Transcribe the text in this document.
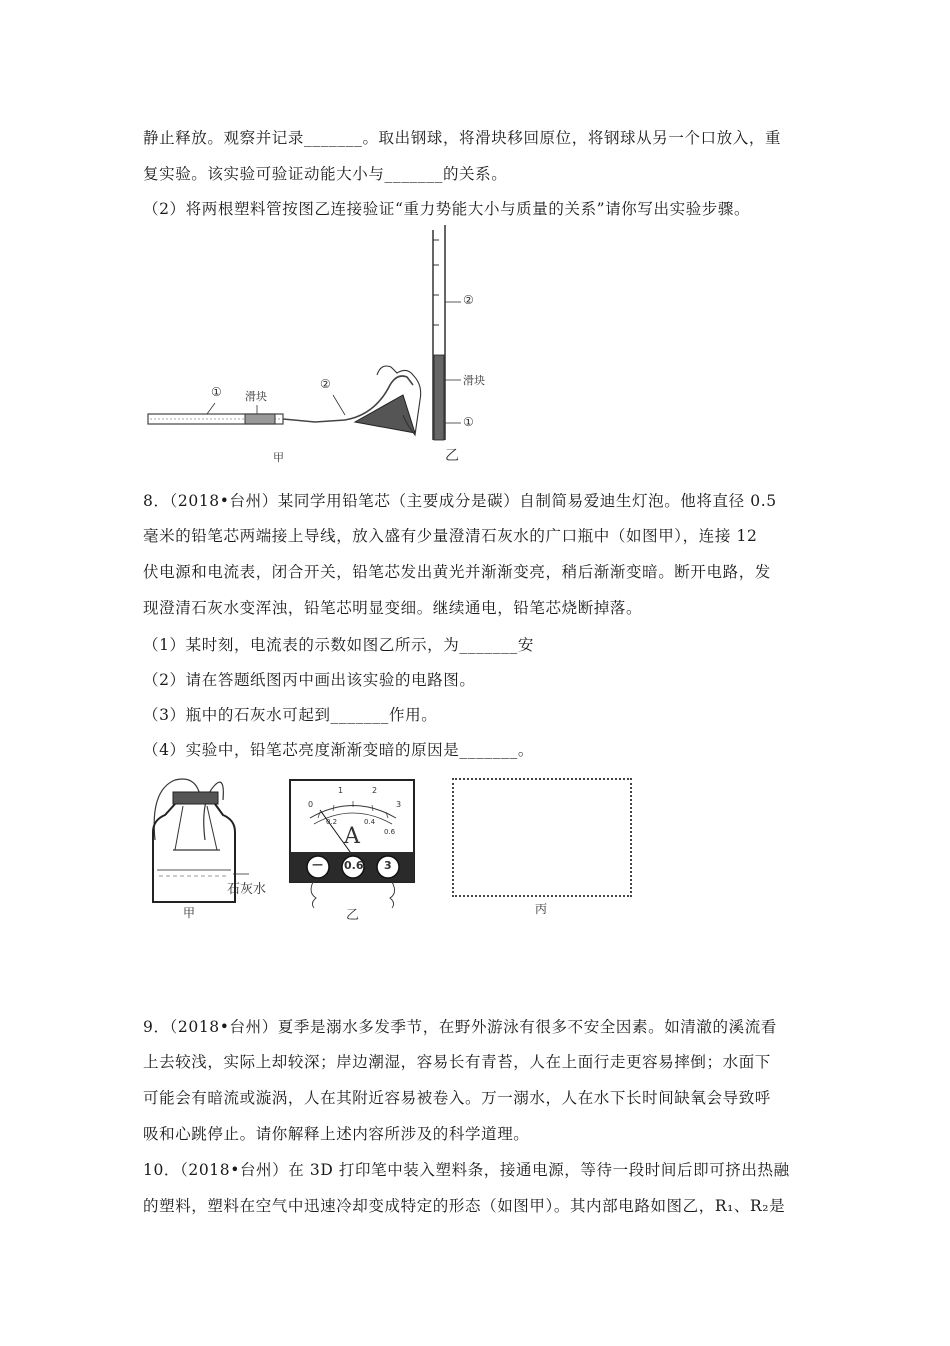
静止释放。观察并记录_______。取出钢球，将滑块移回原位，将钢球从另一个口放入，重
复实验。该实验可验证动能大小与_______的关系。
（2）将两根塑料管按图乙连接验证“重力势能大小与质量的关系”请你写出实验步骤。
① 滑块
②
②
滑块
①
甲	乙
8．（2018•台州）某同学用铅笔芯（主要成分是碳）自制简易爱迪生灯泡。他将直径 0.5
毫米的铅笔芯两端接上导线，放入盛有少量澄清石灰水的广口瓶中（如图甲），连接 12
伏电源和电流表，闭合开关，铅笔芯发出黄光并渐渐变亮，稍后渐渐变暗。断开电路，发
现澄清石灰水变浑浊，铅笔芯明显变细。继续通电，铅笔芯烧断掉落。
（1）某时刻，电流表的示数如图乙所示，为_______安
（2）请在答题纸图丙中画出该实验的电路图。
（3）瓶中的石灰水可起到_______作用。
（4）实验中，铅笔芯亮度渐渐变暗的原因是_______。
石灰水
甲
0
1	2
3
0.2	0.4
0.6
A
— 0.6 3
乙	丙
9．（2018•台州）夏季是溺水多发季节，在野外游泳有很多不安全因素。如清澈的溪流看
上去较浅，实际上却较深；岸边潮湿，容易长有青苔，人在上面行走更容易摔倒；水面下
可能会有暗流或漩涡，人在其附近容易被卷入。万一溺水，人在水下长时间缺氧会导致呼
吸和心跳停止。请你解释上述内容所涉及的科学道理。
10．（2018•台州）在 3D 打印笔中装入塑料条，接通电源，等待一段时间后即可挤出热融
的塑料，塑料在空气中迅速冷却变成特定的形态（如图甲）。其内部电路如图乙，R₁、R₂是
